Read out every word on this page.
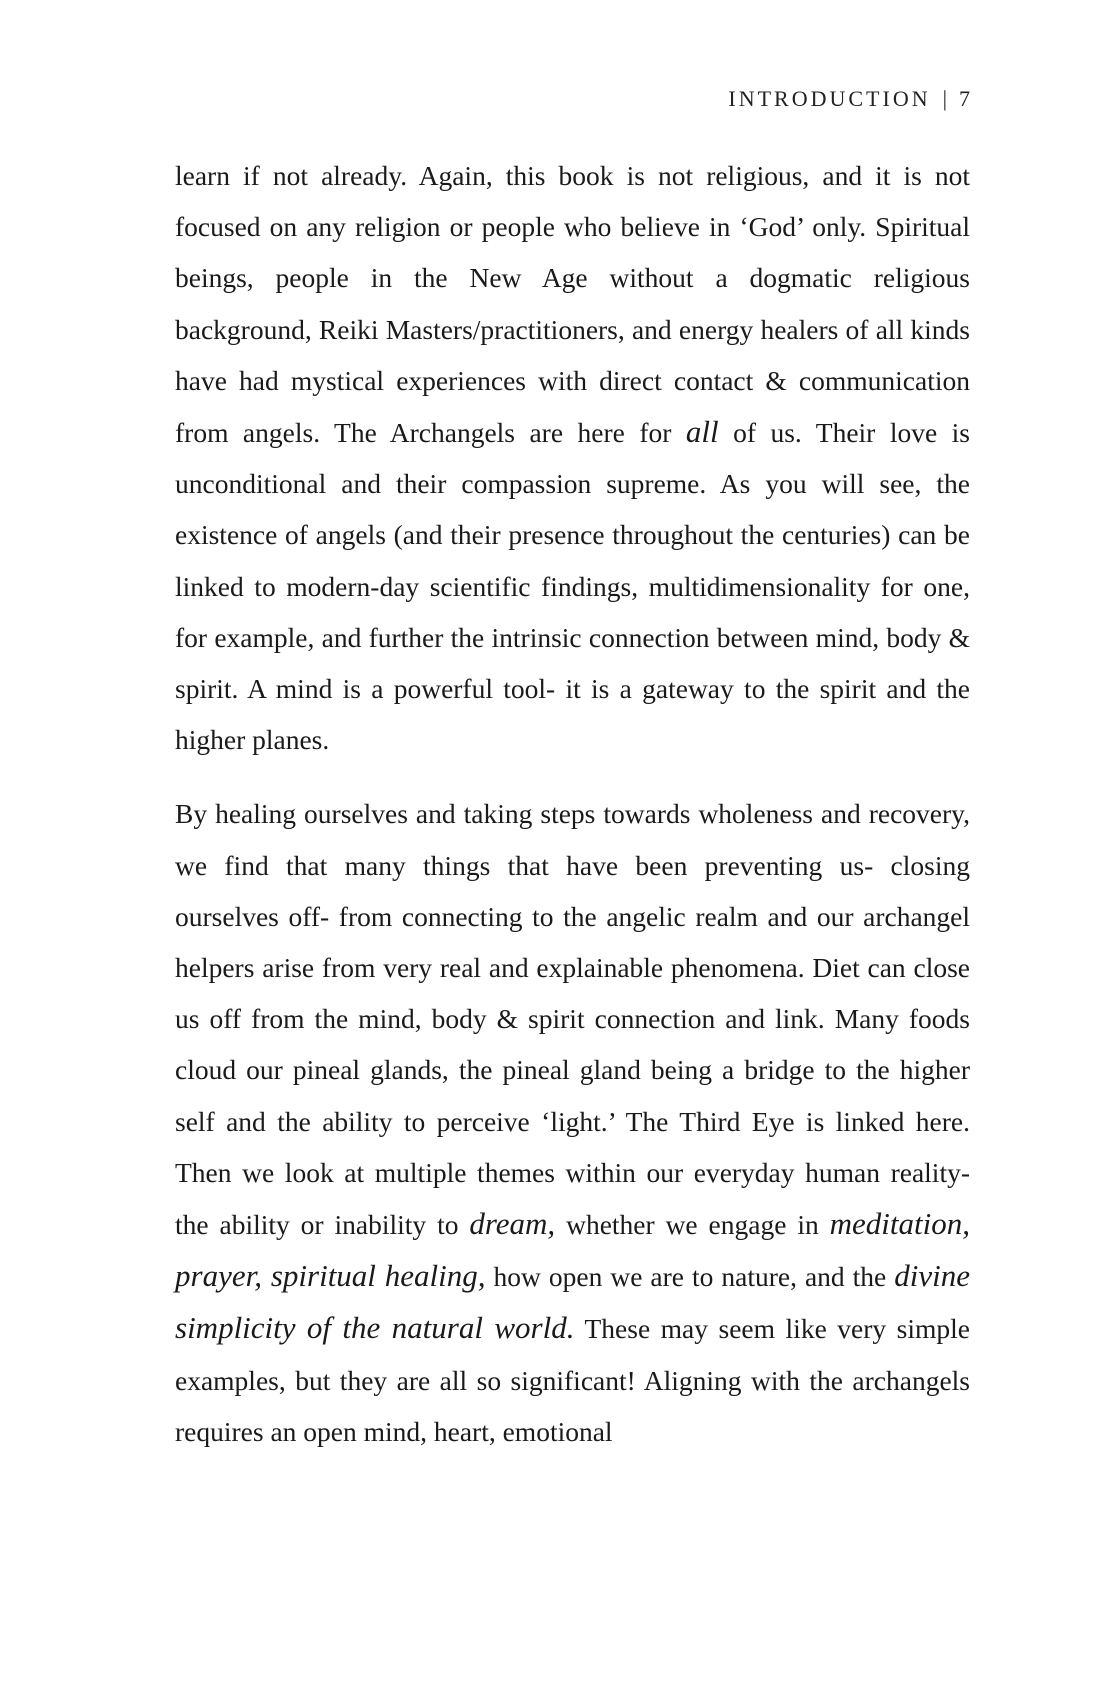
INTRODUCTION | 7

learn if not already. Again, this book is not religious, and it is not focused on any religion or people who believe in ‘God’ only. Spiritual beings, people in the New Age without a dogmatic religious background, Reiki Masters/practitioners, and energy healers of all kinds have had mystical experiences with direct contact & communication from angels. The Archangels are here for all of us. Their love is unconditional and their compassion supreme. As you will see, the existence of angels (and their presence throughout the centuries) can be linked to modern-day scientific findings, multidimensionality for one, for example, and further the intrinsic connection between mind, body & spirit. A mind is a powerful tool- it is a gateway to the spirit and the higher planes.

By healing ourselves and taking steps towards wholeness and recovery, we find that many things that have been preventing us- closing ourselves off- from connecting to the angelic realm and our archangel helpers arise from very real and explainable phenomena. Diet can close us off from the mind, body & spirit connection and link. Many foods cloud our pineal glands, the pineal gland being a bridge to the higher self and the ability to perceive ‘light.’ The Third Eye is linked here. Then we look at multiple themes within our everyday human reality- the ability or inability to dream, whether we engage in meditation, prayer, spiritual healing, how open we are to nature, and the divine simplicity of the natural world. These may seem like very simple examples, but they are all so significant! Aligning with the archangels requires an open mind, heart, emotional
